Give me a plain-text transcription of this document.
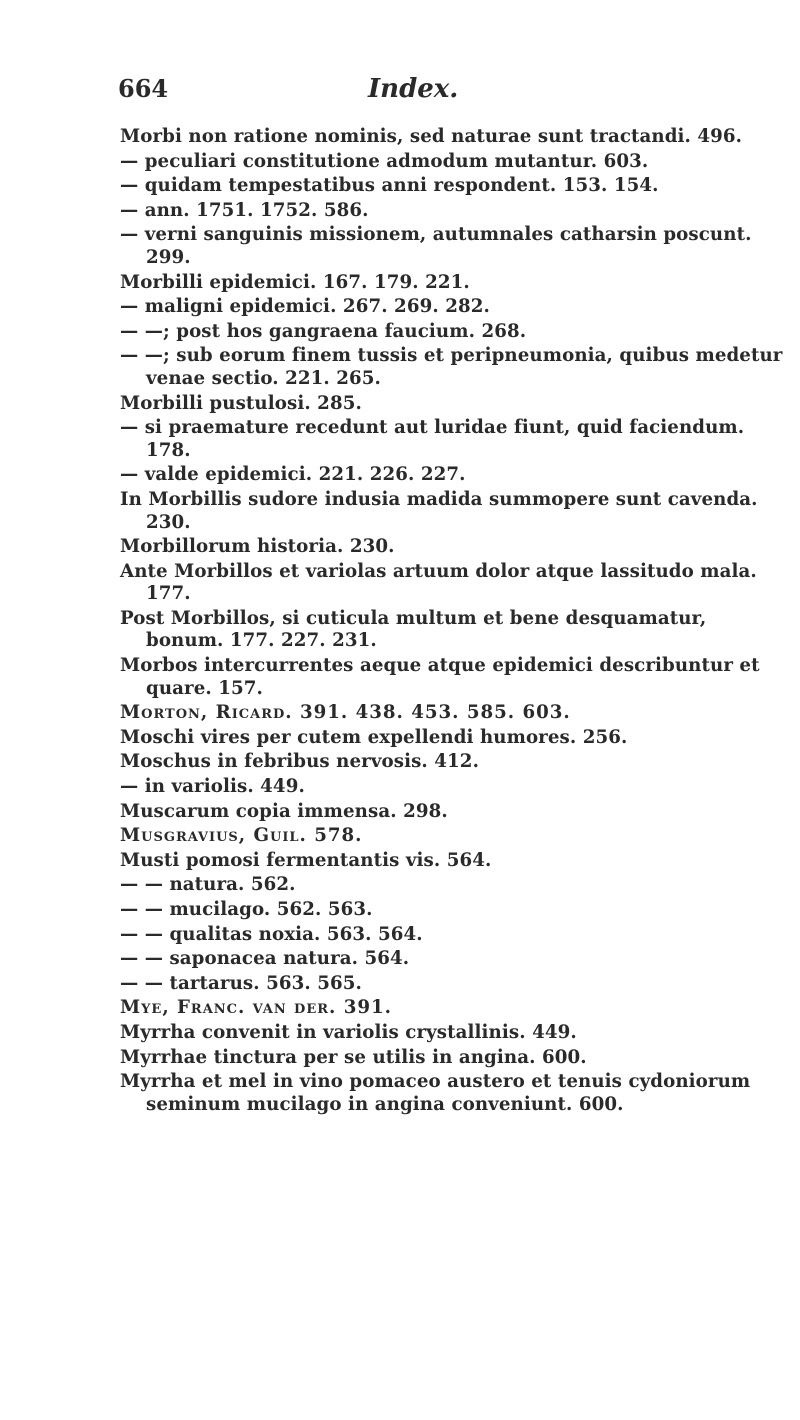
664	Index.

Morbi non ratione nominis, sed naturae sunt tractandi. 496.

— peculiari constitutione admodum mutantur. 603.

— quidam tempestatibus anni respondent. 153. 154.

— ann. 1751. 1752. 586.

— verni sanguinis missionem, autumnales catharsin poscunt. 299.

Morbilli epidemici. 167. 179. 221.

— maligni epidemici. 267. 269. 282.

— —; post hos gangraena faucium. 268.

— —; sub eorum finem tussis et peripneumonia, quibus medetur venae sectio. 221. 265.

Morbilli pustulosi. 285.

— si praemature recedunt aut luridae fiunt, quid faciendum. 178.

— valde epidemici. 221. 226. 227.

In Morbillis sudore indusia madida summopere sunt cavenda. 230.

Morbillorum historia. 230.

Ante Morbillos et variolas artuum dolor atque lassitudo mala. 177.

Post Morbillos, si cuticula multum et bene desquamatur, bonum. 177. 227. 231.

Morbos intercurrentes aeque atque epidemici describuntur et quare. 157.

Morton, Ricard. 391. 438. 453. 585. 603.

Moschi vires per cutem expellendi humores. 256.

Moschus in febribus nervosis. 412.

— in variolis. 449.

Muscarum copia immensa. 298.

Musgravius, Guil. 578.

Musti pomosi fermentantis vis. 564.

— — natura. 562.

— — mucilago. 562. 563.

— — qualitas noxia. 563. 564.

— — saponacea natura. 564.

— — tartarus. 563. 565.

Mye, Franc. van der. 391.

Myrrha convenit in variolis crystallinis. 449.

Myrrhae tinctura per se utilis in angina. 600.

Myrrha et mel in vino pomaceo austero et tenuis cydoniorum seminum mucilago in angina conveniunt. 600.
